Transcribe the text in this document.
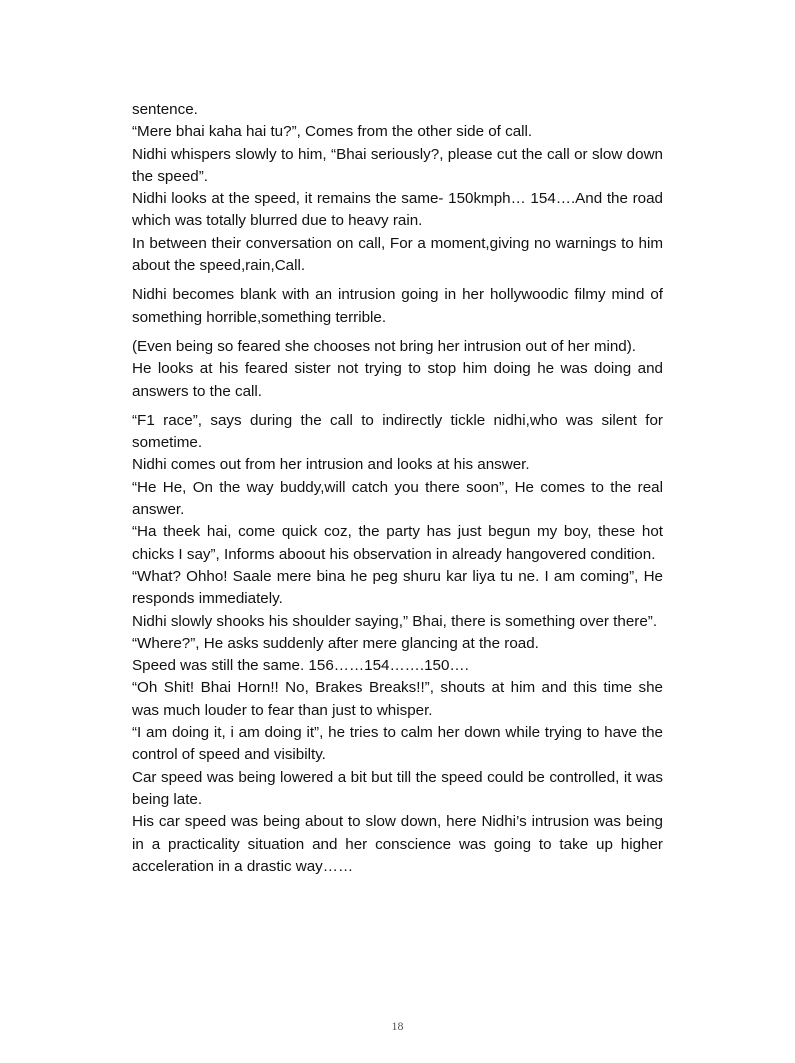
sentence.

“Mere bhai kaha hai tu?”, Comes from the other side of call.

Nidhi whispers slowly to him, “Bhai seriously?, please cut the call or slow down the speed”.

Nidhi looks at the speed, it remains the same- 150kmph… 154….And the road which was totally blurred due to heavy rain.

In between their conversation on call, For a moment,giving no warnings to him about the speed,rain,Call.

Nidhi becomes blank with an intrusion going in her hollywoodic filmy mind of something horrible,something terrible.

(Even being so feared she chooses not bring her intrusion out of her mind).

He looks at his feared sister not trying to stop him doing he was doing and answers to the call.

“F1 race”, says during the call to indirectly tickle nidhi,who was silent for sometime.

Nidhi comes out from her intrusion and looks at his answer.

“He He, On the way buddy,will catch you there soon”, He comes to the real answer.

“Ha theek hai, come quick coz, the party has just begun my boy, these hot chicks I say”, Informs aboout his observation in already hangovered condition.

“What? Ohho! Saale mere bina he peg shuru kar liya tu ne. I am coming”, He responds immediately.

Nidhi slowly shooks his shoulder saying,” Bhai, there is something over there”.

“Where?”, He asks suddenly after mere glancing at the road.

Speed was still the same. 156……154…….150….

“Oh Shit! Bhai Horn!! No, Brakes Breaks!!”, shouts at him and this time she was much louder to fear than just to whisper.

“I am doing it, i am doing it”, he tries to calm her down while trying to have the control of speed and visibilty.

Car speed was being lowered a bit but till the speed could be controlled, it was being late.

His car speed was being about to slow down, here Nidhi’s intrusion was being in a practicality situation and her conscience was going to take up higher acceleration in a drastic way……

18
